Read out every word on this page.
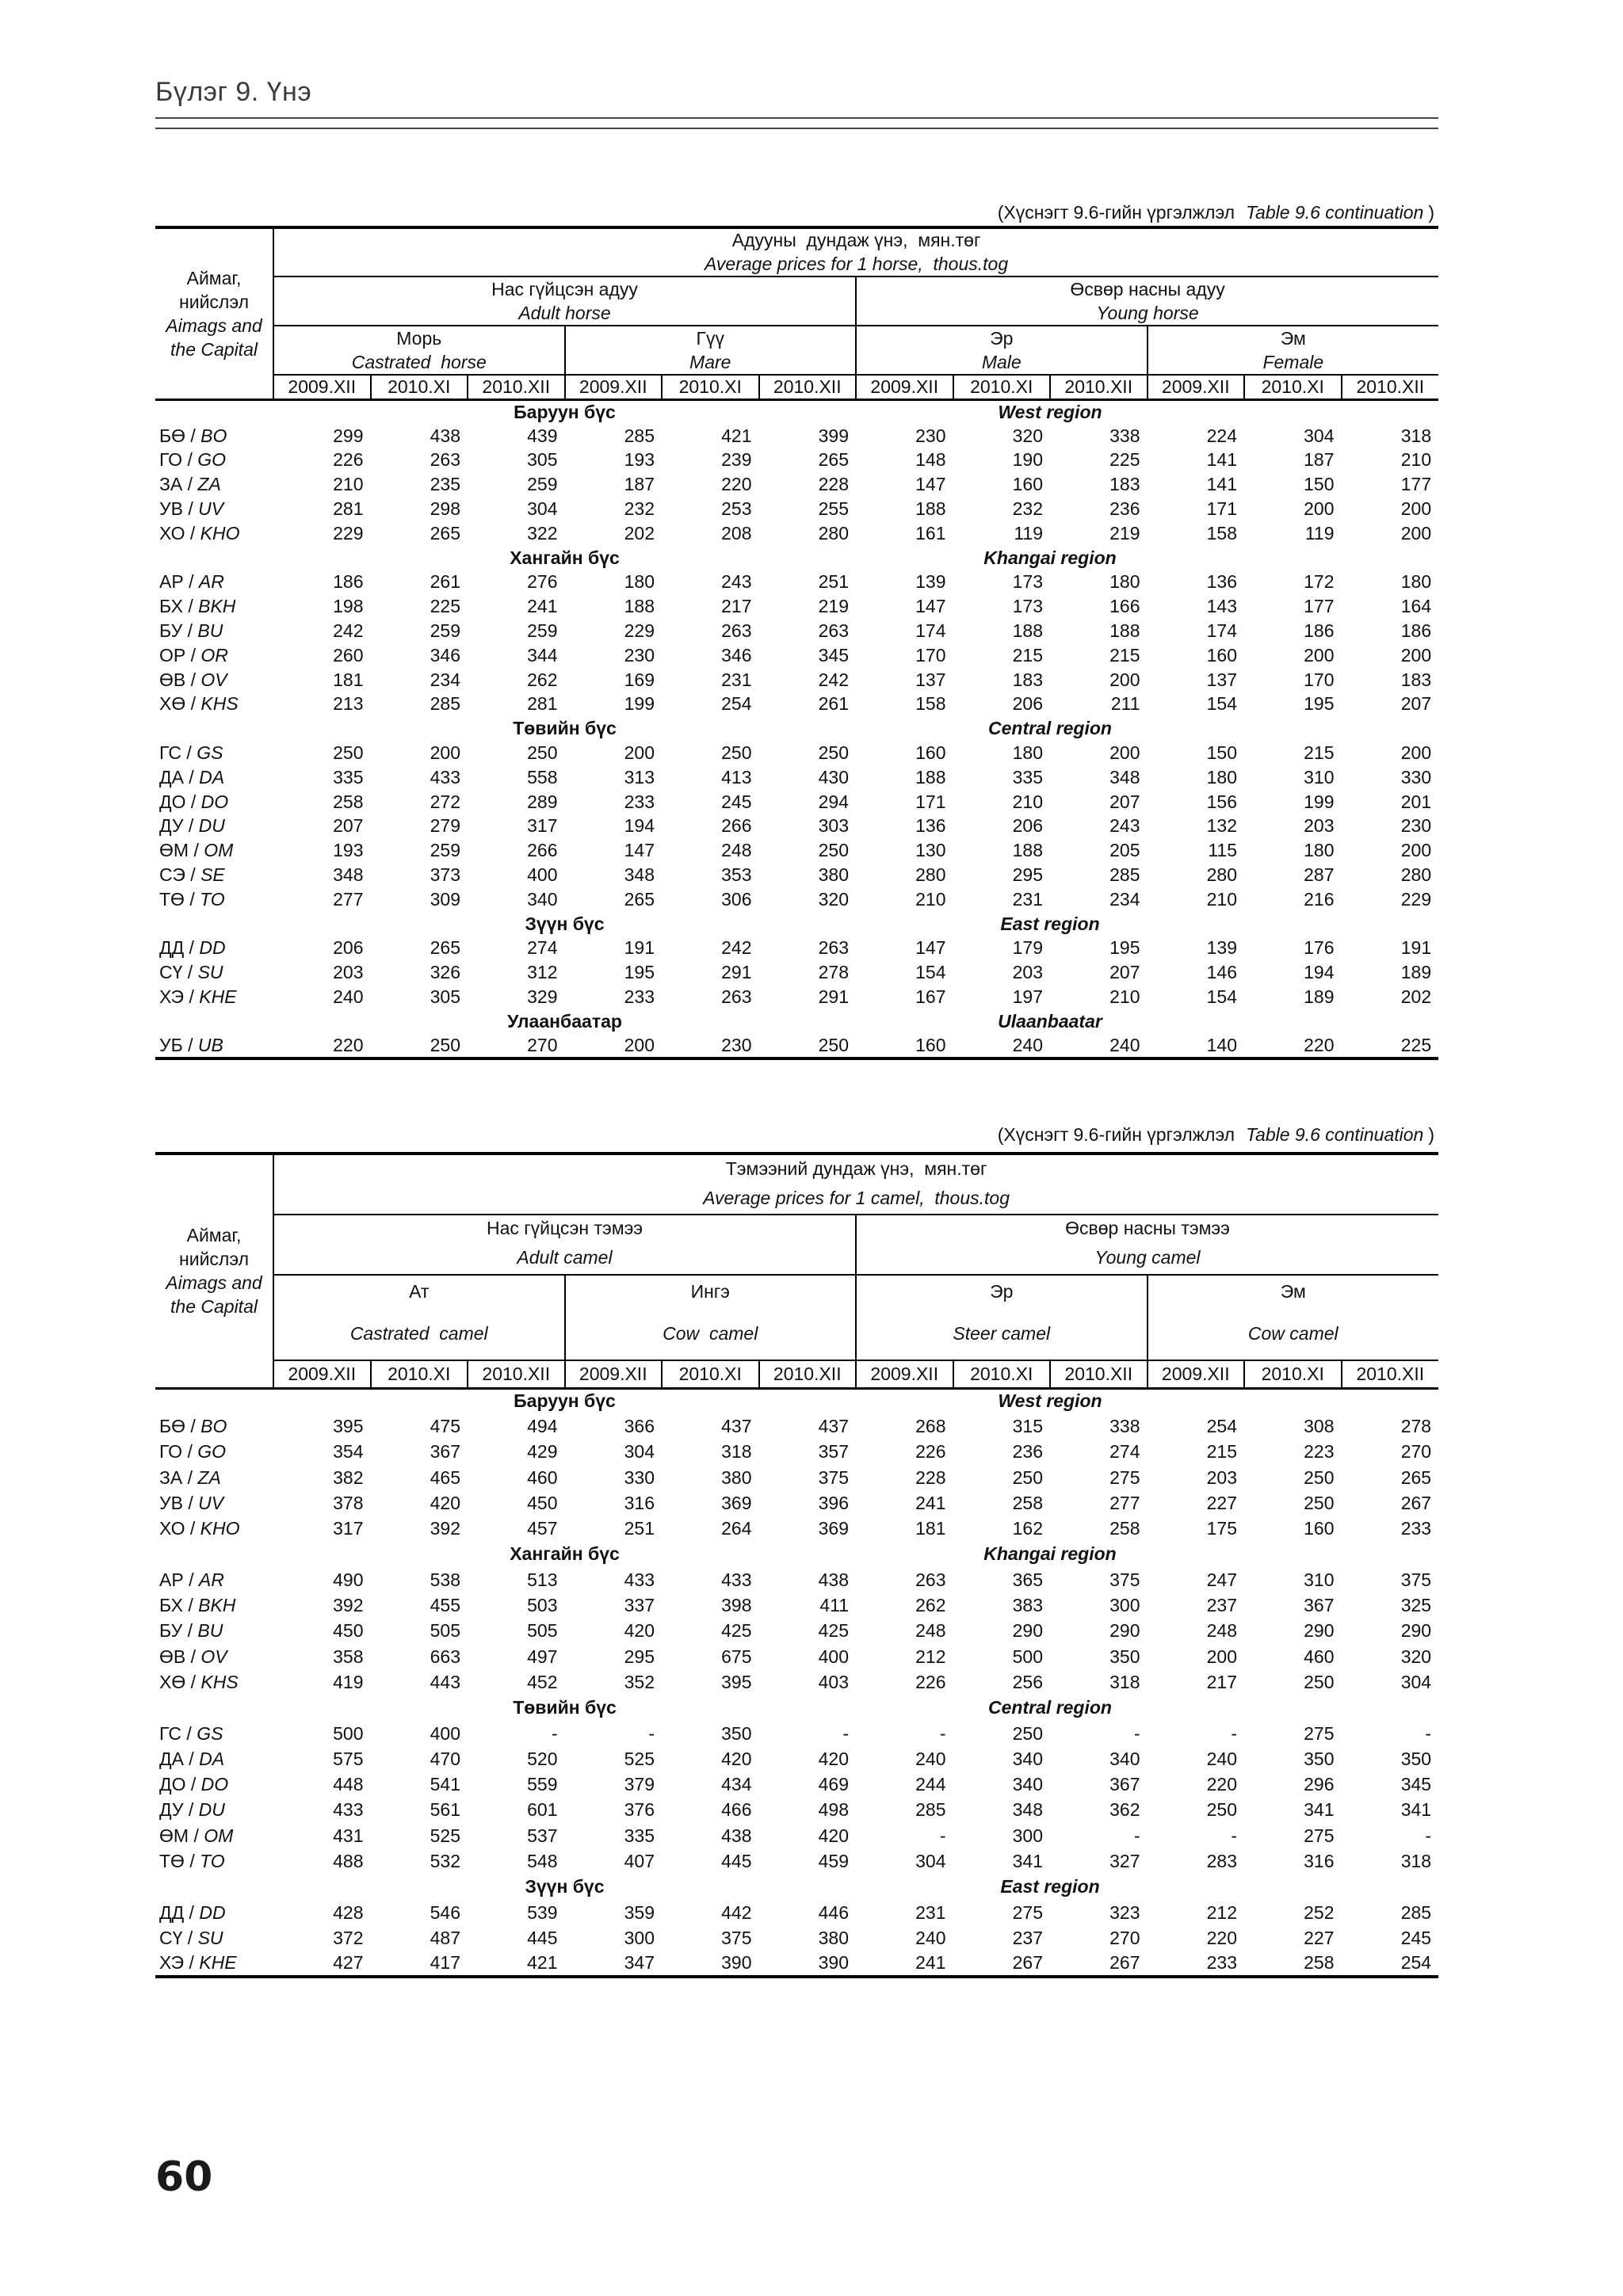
Бүлэг 9. Үнэ
(Хүснэгт 9.6-гийн үргэлжлэл Table 9.6 continuation )
Аймаг,
нийслэл
Aimags and
the Capital	Адууны  дундаж үнэ,  мян.төг											
	Average prices for 1 horse,  thous.tog											
	Нас гүйцсэн адуу						Өсвөр насны адуу					
	Adult horse						Young horse					
	Морь			Гүү			Эр			Эм		
	Castrated  horse			Mare			Male			Female		
	2009.XII	2010.XI	2010.XII	2009.XII	2010.XI	2010.XII	2009.XII	2010.XI	2010.XII	2009.XII	2010.XI	2010.XII
	Баруун бүс							West region				
БӨ / BO	299	438	439	285	421	399	230	320	338	224	304	318
ГО / GO	226	263	305	193	239	265	148	190	225	141	187	210
ЗА / ZA	210	235	259	187	220	228	147	160	183	141	150	177
УВ / UV	281	298	304	232	253	255	188	232	236	171	200	200
ХО / KHO	229	265	322	202	208	280	161	119	219	158	119	200
	Хангайн бүс							Khangai region				
АР / AR	186	261	276	180	243	251	139	173	180	136	172	180
БХ / BKH	198	225	241	188	217	219	147	173	166	143	177	164
БУ / BU	242	259	259	229	263	263	174	188	188	174	186	186
ОР / OR	260	346	344	230	346	345	170	215	215	160	200	200
ӨВ / OV	181	234	262	169	231	242	137	183	200	137	170	183
ХӨ / KHS	213	285	281	199	254	261	158	206	211	154	195	207
	Төвийн бүс							Central region				
ГС / GS	250	200	250	200	250	250	160	180	200	150	215	200
ДА / DA	335	433	558	313	413	430	188	335	348	180	310	330
ДО / DO	258	272	289	233	245	294	171	210	207	156	199	201
ДУ / DU	207	279	317	194	266	303	136	206	243	132	203	230
ӨМ / OM	193	259	266	147	248	250	130	188	205	115	180	200
СЭ / SE	348	373	400	348	353	380	280	295	285	280	287	280
ТӨ / TO	277	309	340	265	306	320	210	231	234	210	216	229
	Зүүн бүс							East region				
ДД / DD	206	265	274	191	242	263	147	179	195	139	176	191
СҮ / SU	203	326	312	195	291	278	154	203	207	146	194	189
ХЭ / KHE	240	305	329	233	263	291	167	197	210	154	189	202
	Улаанбаатар							Ulaanbaatar				
УБ / UB	220	250	270	200	230	250	160	240	240	140	220	225
(Хүснэгт 9.6-гийн үргэлжлэл Table 9.6 continuation )
Аймаг,
нийслэл
Aimags and
the Capital	Тэмээний дундаж үнэ,  мян.төг											
	Average prices for 1 camel,  thous.tog											
	Нас гүйцсэн тэмээ						Өсвөр насны тэмээ					
	Adult camel						Young camel					
	Ат			Ингэ			Эр			Эм		
	Castrated  camel			Cow  camel			Steer camel			Cow camel		
	2009.XII	2010.XI	2010.XII	2009.XII	2010.XI	2010.XII	2009.XII	2010.XI	2010.XII	2009.XII	2010.XI	2010.XII
	Баруун бүс							West region				
БӨ / BO	395	475	494	366	437	437	268	315	338	254	308	278
ГО / GO	354	367	429	304	318	357	226	236	274	215	223	270
ЗА / ZA	382	465	460	330	380	375	228	250	275	203	250	265
УВ / UV	378	420	450	316	369	396	241	258	277	227	250	267
ХО / KHO	317	392	457	251	264	369	181	162	258	175	160	233
	Хангайн бүс							Khangai region				
АР / AR	490	538	513	433	433	438	263	365	375	247	310	375
БХ / BKH	392	455	503	337	398	411	262	383	300	237	367	325
БУ / BU	450	505	505	420	425	425	248	290	290	248	290	290
ӨВ / OV	358	663	497	295	675	400	212	500	350	200	460	320
ХӨ / KHS	419	443	452	352	395	403	226	256	318	217	250	304
	Төвийн бүс							Central region				
ГС / GS	500	400	-	-	350	-	-	250	-	-	275	-
ДА / DA	575	470	520	525	420	420	240	340	340	240	350	350
ДО / DO	448	541	559	379	434	469	244	340	367	220	296	345
ДУ / DU	433	561	601	376	466	498	285	348	362	250	341	341
ӨМ / OM	431	525	537	335	438	420	-	300	-	-	275	-
ТӨ / TO	488	532	548	407	445	459	304	341	327	283	316	318
	Зүүн бүс							East region				
ДД / DD	428	546	539	359	442	446	231	275	323	212	252	285
СҮ / SU	372	487	445	300	375	380	240	237	270	220	227	245
ХЭ / KHE	427	417	421	347	390	390	241	267	267	233	258	254
60
